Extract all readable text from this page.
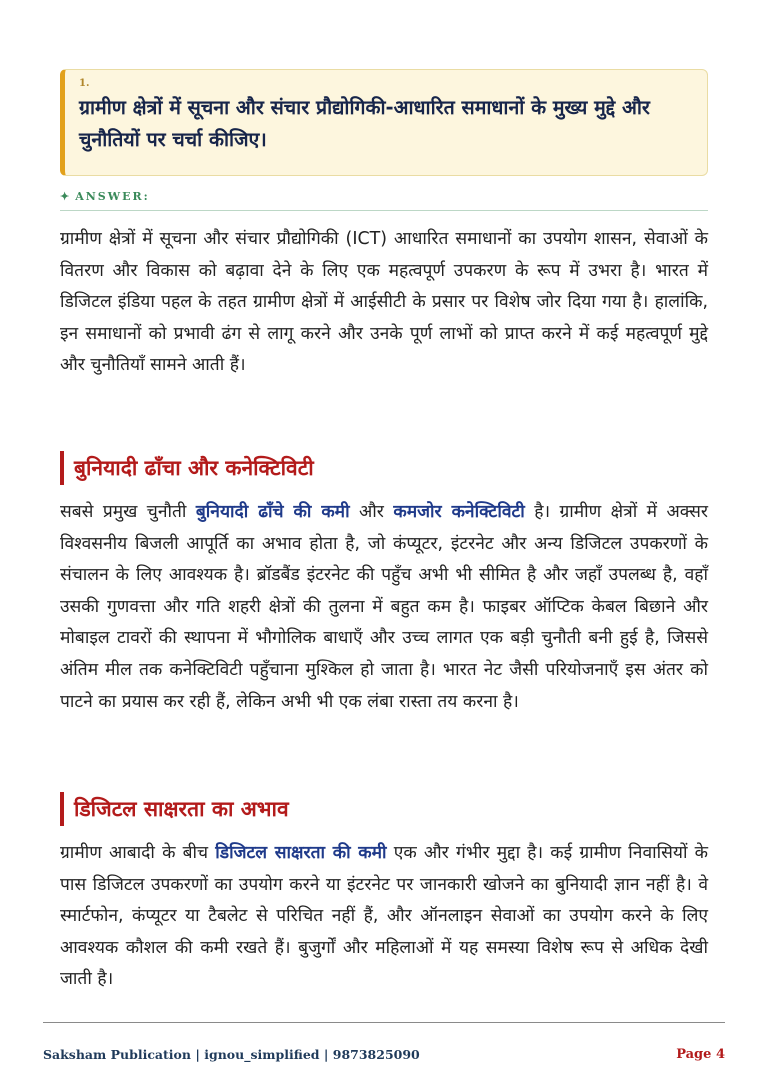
1.
ग्रामीण क्षेत्रों में सूचना और संचार प्रौद्योगिकी-आधारित समाधानों के मुख्य मुद्दे और चुनौतियों पर चर्चा कीजिए।
✦ ANSWER:

ग्रामीण क्षेत्रों में सूचना और संचार प्रौद्योगिकी (ICT) आधारित समाधानों का उपयोग शासन, सेवाओं के वितरण और विकास को बढ़ावा देने के लिए एक महत्वपूर्ण उपकरण के रूप में उभरा है। भारत में डिजिटल इंडिया पहल के तहत ग्रामीण क्षेत्रों में आईसीटी के प्रसार पर विशेष जोर दिया गया है। हालांकि, इन समाधानों को प्रभावी ढंग से लागू करने और उनके पूर्ण लाभों को प्राप्त करने में कई महत्वपूर्ण मुद्दे और चुनौतियाँ सामने आती हैं।

बुनियादी ढाँचा और कनेक्टिविटी

सबसे प्रमुख चुनौती बुनियादी ढाँचे की कमी और कमजोर कनेक्टिविटी है। ग्रामीण क्षेत्रों में अक्सर विश्वसनीय बिजली आपूर्ति का अभाव होता है, जो कंप्यूटर, इंटरनेट और अन्य डिजिटल उपकरणों के संचालन के लिए आवश्यक है। ब्रॉडबैंड इंटरनेट की पहुँच अभी भी सीमित है और जहाँ उपलब्ध है, वहाँ उसकी गुणवत्ता और गति शहरी क्षेत्रों की तुलना में बहुत कम है। फाइबर ऑप्टिक केबल बिछाने और मोबाइल टावरों की स्थापना में भौगोलिक बाधाएँ और उच्च लागत एक बड़ी चुनौती बनी हुई है, जिससे अंतिम मील तक कनेक्टिविटी पहुँचाना मुश्किल हो जाता है। भारत नेट जैसी परियोजनाएँ इस अंतर को पाटने का प्रयास कर रही हैं, लेकिन अभी भी एक लंबा रास्ता तय करना है।

डिजिटल साक्षरता का अभाव

ग्रामीण आबादी के बीच डिजिटल साक्षरता की कमी एक और गंभीर मुद्दा है। कई ग्रामीण निवासियों के पास डिजिटल उपकरणों का उपयोग करने या इंटरनेट पर जानकारी खोजने का बुनियादी ज्ञान नहीं है। वे स्मार्टफोन, कंप्यूटर या टैबलेट से परिचित नहीं हैं, और ऑनलाइन सेवाओं का उपयोग करने के लिए आवश्यक कौशल की कमी रखते हैं। बुजुर्गों और महिलाओं में यह समस्या विशेष रूप से अधिक देखी जाती है।

Saksham Publication | ignou_simplified | 9873825090	Page 4
